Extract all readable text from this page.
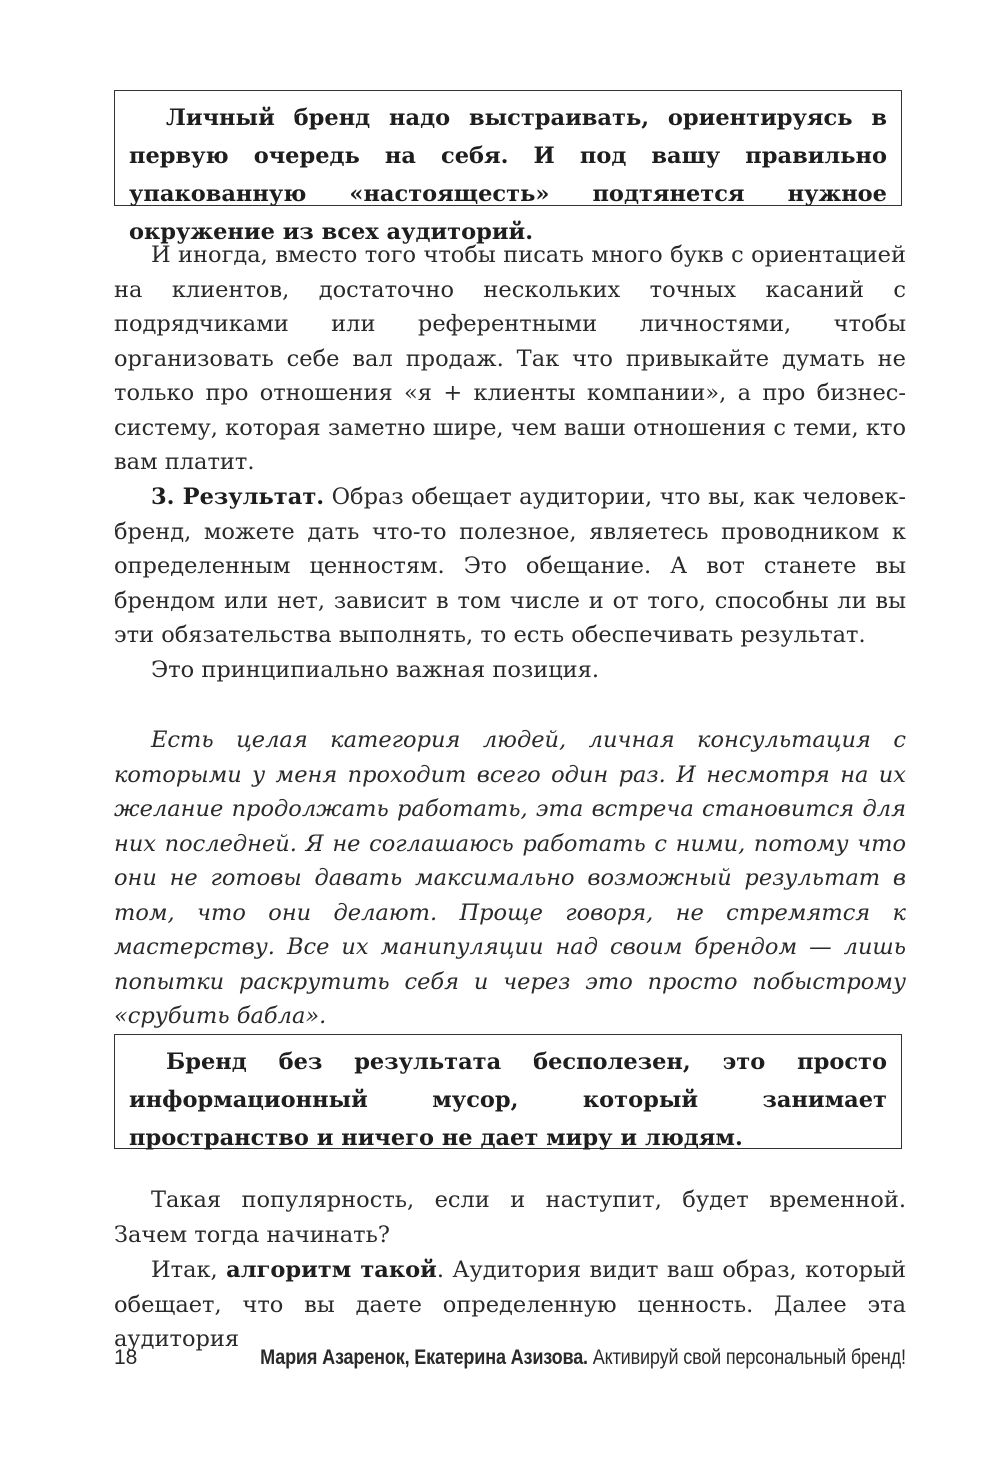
Личный бренд надо выстраивать, ориентируясь в первую очередь на себя. И под вашу правильно упакованную «настоящесть» подтянется нужное окружение из всех аудиторий.

И иногда, вместо того чтобы писать много букв с ориентацией на клиентов, достаточно нескольких точных касаний с подрядчиками или референтными личностями, чтобы организовать себе вал продаж. Так что привыкайте думать не только про отношения «я + клиенты компании», а про бизнес-систему, которая заметно шире, чем ваши отношения с теми, кто вам платит.

3. Результат. Образ обещает аудитории, что вы, как человек-бренд, можете дать что-то полезное, являетесь проводником к определенным ценностям. Это обещание. А вот станете вы брендом или нет, зависит в том числе и от того, способны ли вы эти обязательства выполнять, то есть обеспечивать результат.

Это принципиально важная позиция.

Есть целая категория людей, личная консультация с которыми у меня проходит всего один раз. И несмотря на их желание продолжать работать, эта встреча становится для них последней. Я не соглашаюсь работать с ними, потому что они не готовы давать максимально возможный результат в том, что они делают. Проще говоря, не стремятся к мастерству. Все их манипуляции над своим брендом — лишь попытки раскрутить себя и через это просто побыстрому «срубить бабла».

Бренд без результата бесполезен, это просто информационный мусор, который занимает пространство и ничего не дает миру и людям.

Такая популярность, если и наступит, будет временной. Зачем тогда начинать?

Итак, алгоритм такой. Аудитория видит ваш образ, который обещает, что вы даете определенную ценность. Далее эта аудитория

18	Мария Азаренок, Екатерина Азизова. Активируй свой персональный бренд!
